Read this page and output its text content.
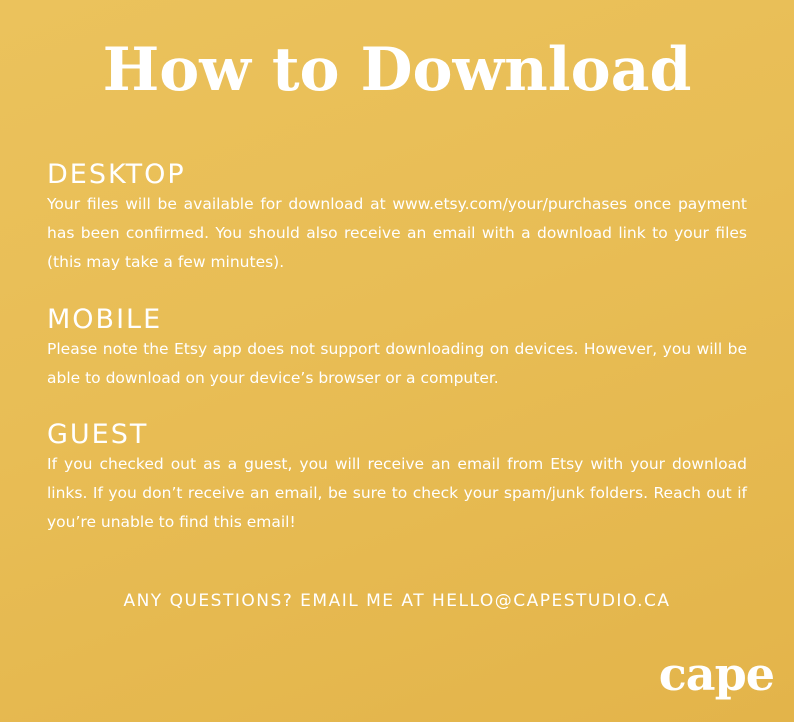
How to Download
DESKTOP

Your files will be available for download at www.etsy.com/your/purchases once payment has been confirmed. You should also receive an email with a download link to your files (this may take a few minutes).

MOBILE

Please note the Etsy app does not support downloading on devices. However, you will be able to download on your device’s browser or a computer.

GUEST

If you checked out as a guest, you will receive an email from Etsy with your download links. If you don’t receive an email, be sure to check your spam/junk folders. Reach out if you’re unable to find this email!

ANY QUESTIONS? EMAIL ME AT HELLO@CAPESTUDIO.CA
cape
